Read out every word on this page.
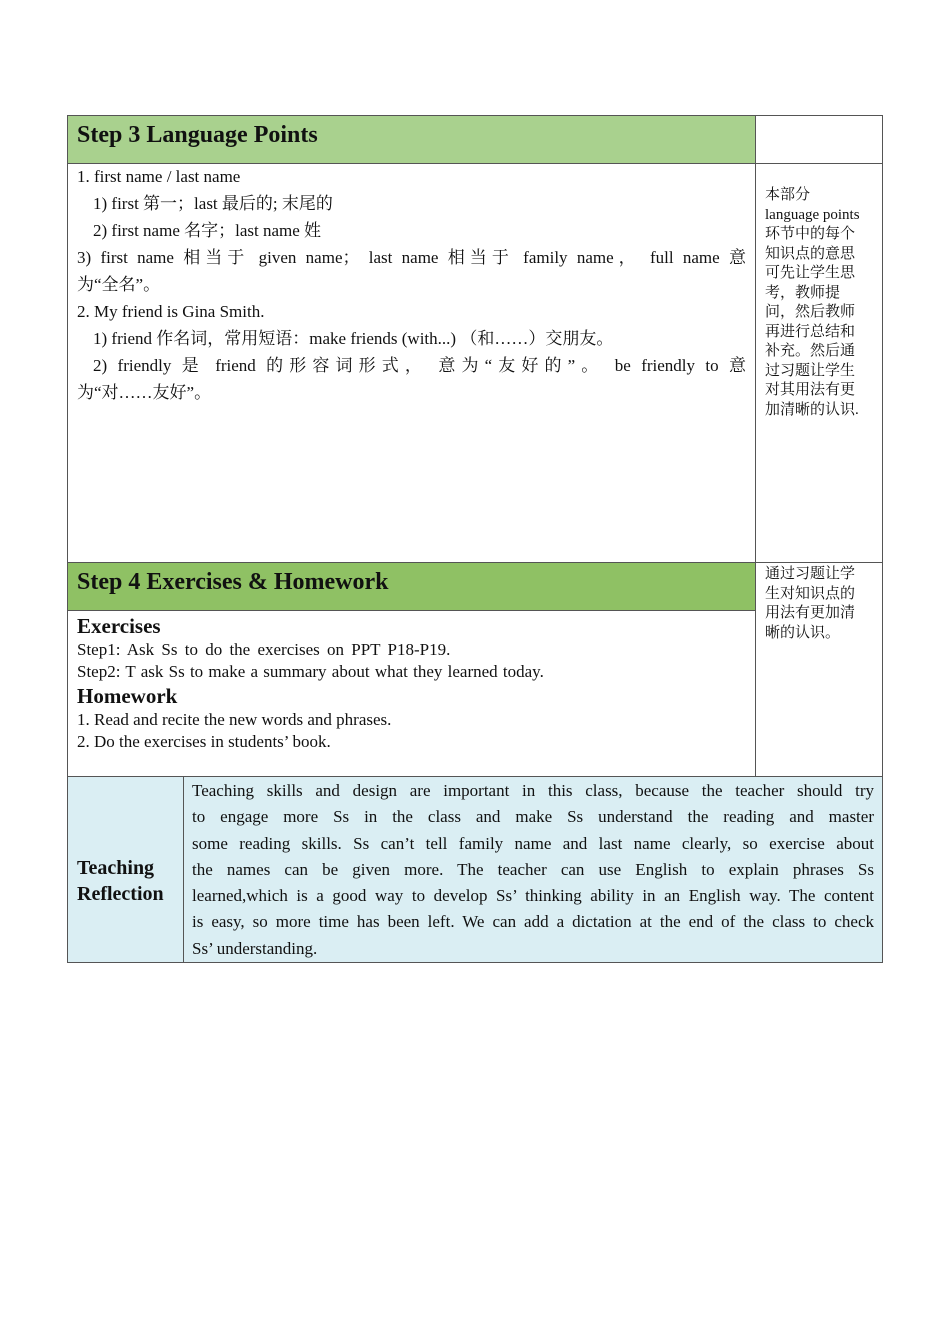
Step 3 Language Points
1. first name / last name
1) first 第一；last 最后的; 末尾的
2) first name 名字；last name 姓
3) first name 相当于 given name； last name 相当于 family name， full name 意
为“全名”。
2. My friend is Gina Smith.
1) friend 作名词，常用短语：make friends (with...) （和……）交朋友。
2) friendly 是 friend 的形容词形式， 意为“友好的”。 be friendly to 意
为“对……友好”。
本部分
language points
环节中的每个
知识点的意思
可先让学生思
考，教师提
问，然后教师
再进行总结和
补充。然后通
过习题让学生
对其用法有更
加清晰的认识.
Step 4 Exercises & Homework
Exercises
Step1: Ask Ss to do the exercises on PPT P18-P19.
Step2: T ask Ss to make a summary about what they learned today.
Homework
1. Read and recite the new words and phrases.
2. Do the exercises in students’ book.
通过习题让学
生对知识点的
用法有更加清
晰的认识。
Teaching
Reflection
Teaching skills and design are important in this class, because the teacher should try
to engage more Ss in the class and make Ss understand the reading and master
some reading skills. Ss can’t tell family name and last name clearly, so exercise about
the names can be given more. The teacher can use English to explain phrases Ss
learned,which is a good way to develop Ss’ thinking ability in an English way. The content
is easy, so more time has been left. We can add a dictation at the end of the class to check
Ss’ understanding.
